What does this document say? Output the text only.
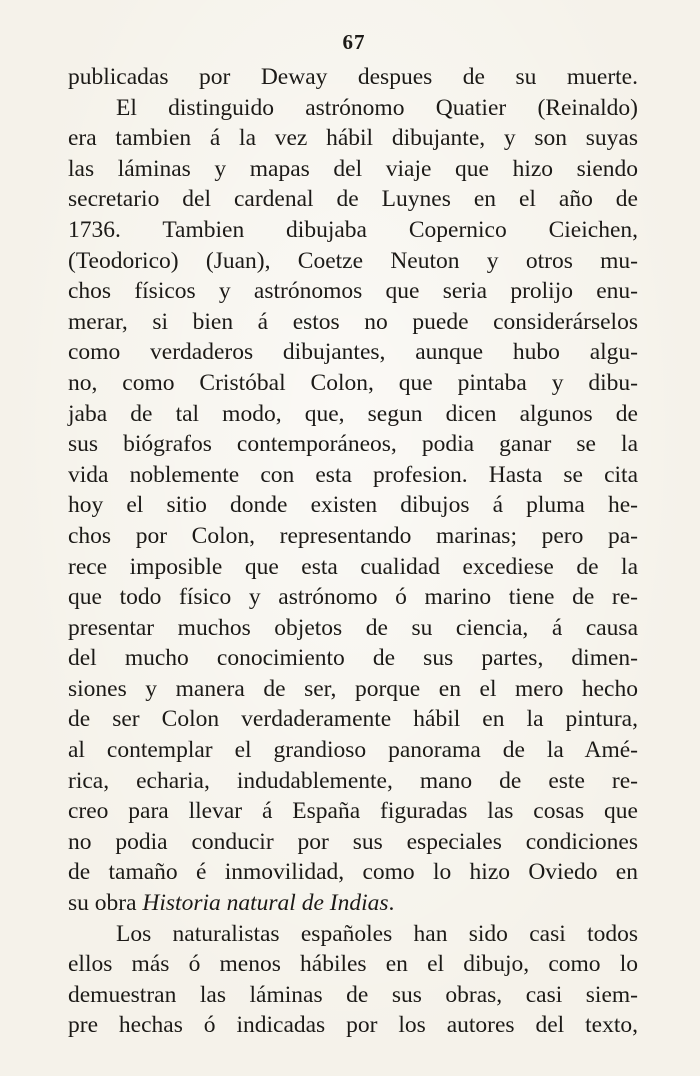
67
publicadas por Deway despues de su muerte.
El distinguido astrónomo Quatier (Reinaldo)
era tambien á la vez hábil dibujante, y son suyas
las láminas y mapas del viaje que hizo siendo
secretario del cardenal de Luynes en el año de
1736. Tambien dibujaba Copernico Cieichen,
(Teodorico) (Juan), Coetze Neuton y otros mu-
chos físicos y astrónomos que seria prolijo enu-
merar, si bien á estos no puede considerárselos
como verdaderos dibujantes, aunque hubo algu-
no, como Cristóbal Colon, que pintaba y dibu-
jaba de tal modo, que, segun dicen algunos de
sus biógrafos contemporáneos, podia ganar se la
vida noblemente con esta profesion. Hasta se cita
hoy el sitio donde existen dibujos á pluma he-
chos por Colon, representando marinas; pero pa-
rece imposible que esta cualidad excediese de la
que todo físico y astrónomo ó marino tiene de re-
presentar muchos objetos de su ciencia, á causa
del mucho conocimiento de sus partes, dimen-
siones y manera de ser, porque en el mero hecho
de ser Colon verdaderamente hábil en la pintura,
al contemplar el grandioso panorama de la Amé-
rica, echaria, indudablemente, mano de este re-
creo para llevar á España figuradas las cosas que
no podia conducir por sus especiales condiciones
de tamaño é inmovilidad, como lo hizo Oviedo en
su obra Historia natural de Indias.
Los naturalistas españoles han sido casi todos
ellos más ó menos hábiles en el dibujo, como lo
demuestran las láminas de sus obras, casi siem-
pre hechas ó indicadas por los autores del texto,
